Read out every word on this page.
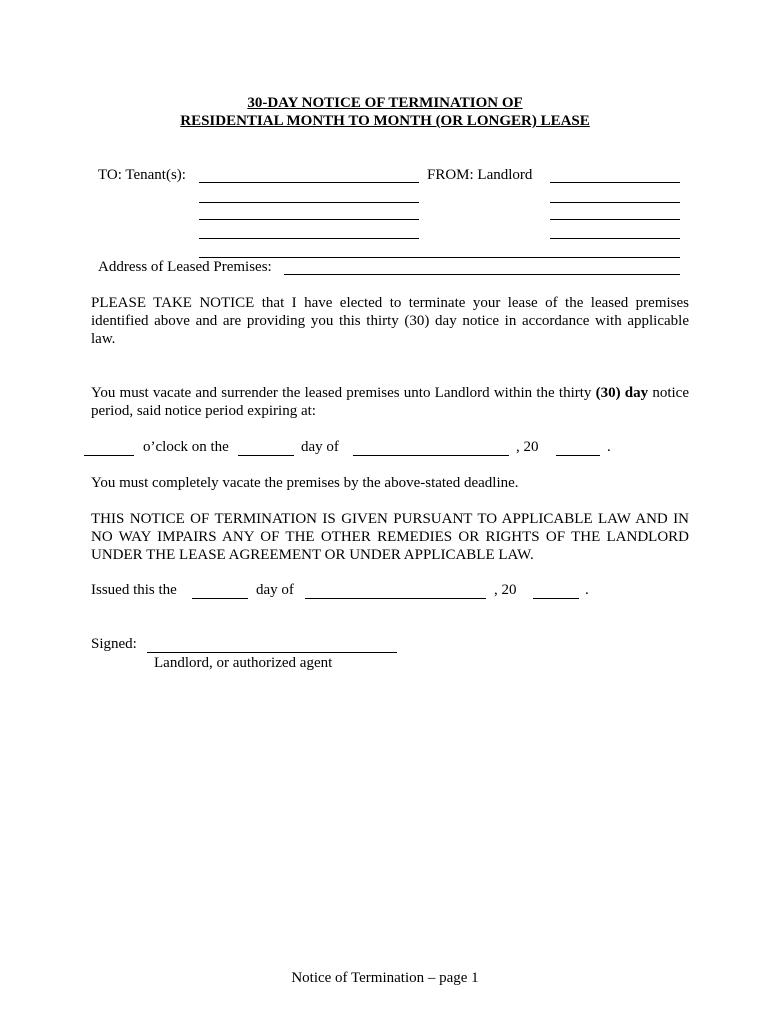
30-DAY NOTICE OF TERMINATION OF
RESIDENTIAL MONTH TO MONTH (OR LONGER) LEASE
TO: Tenant(s):	FROM: Landlord
Address of Leased Premises:
PLEASE TAKE NOTICE that I have elected to terminate your lease of the leased premises identified above and are providing you this thirty (30) day notice in accordance with applicable law.
You must vacate and surrender the leased premises unto Landlord within the thirty (30) day notice period, said notice period expiring at:
o’clock on the	day of	, 20	.
You must completely vacate the premises by the above-stated deadline.
THIS NOTICE OF TERMINATION IS GIVEN PURSUANT TO APPLICABLE LAW AND IN NO WAY IMPAIRS ANY OF THE OTHER REMEDIES OR RIGHTS OF THE LANDLORD UNDER THE LEASE AGREEMENT OR UNDER APPLICABLE LAW.
Issued this the	day of	, 20	.
Signed:
Landlord, or authorized agent
Notice of Termination – page 1
